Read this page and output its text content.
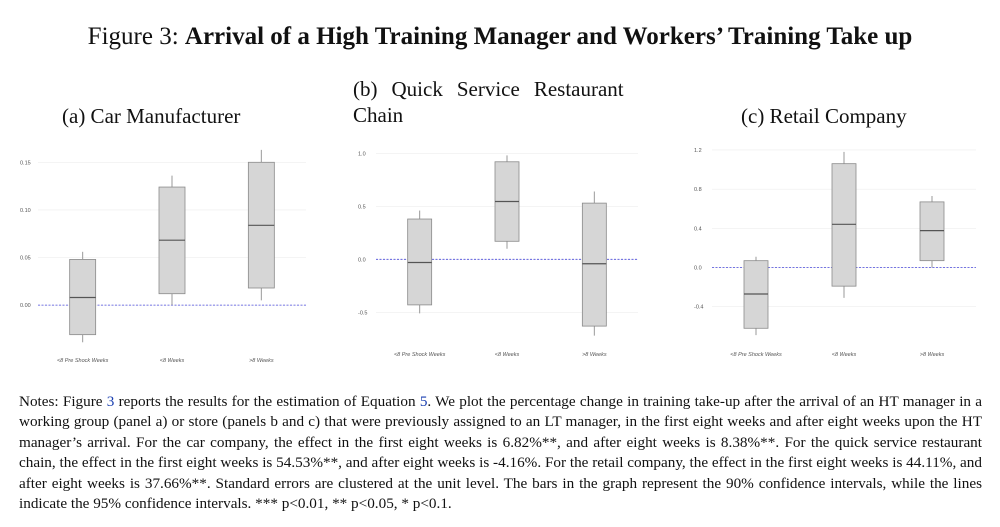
Figure 3: Arrival of a High Training Manager and Workers’ Training Take up
(a) Car Manufacturer
(b) Quick Service Restaurant
Chain	(c) Retail Company
0.00
0.05
0.10
0.15
<8 Pre Shock Weeks	<8 Weeks	>8 Weeks
-0.5
0.0
0.5
1.0
<8 Pre Shock Weeks	<8 Weeks	>8 Weeks
-0.4
0.0
0.4
0.8
1.2
<8 Pre Shock Weeks	<8 Weeks	>8 Weeks
Notes: Figure 3 reports the results for the estimation of Equation 5. We plot the percentage change in training take-up after the arrival of an HT manager in a working group (panel a) or store (panels b and c) that were previously assigned to an LT manager, in the first eight weeks and after eight weeks upon the HT manager’s arrival. For the car company, the effect in the first eight weeks is 6.82%**, and after eight weeks is 8.38%**. For the quick service restaurant chain, the effect in the first eight weeks is 54.53%**, and after eight weeks is -4.16%. For the retail company, the effect in the first eight weeks is 44.11%, and after eight weeks is 37.66%**. Standard errors are clustered at the unit level. The bars in the graph represent the 90% confidence intervals, while the lines indicate the 95% confidence intervals. *** p<0.01, ** p<0.05, * p<0.1.
